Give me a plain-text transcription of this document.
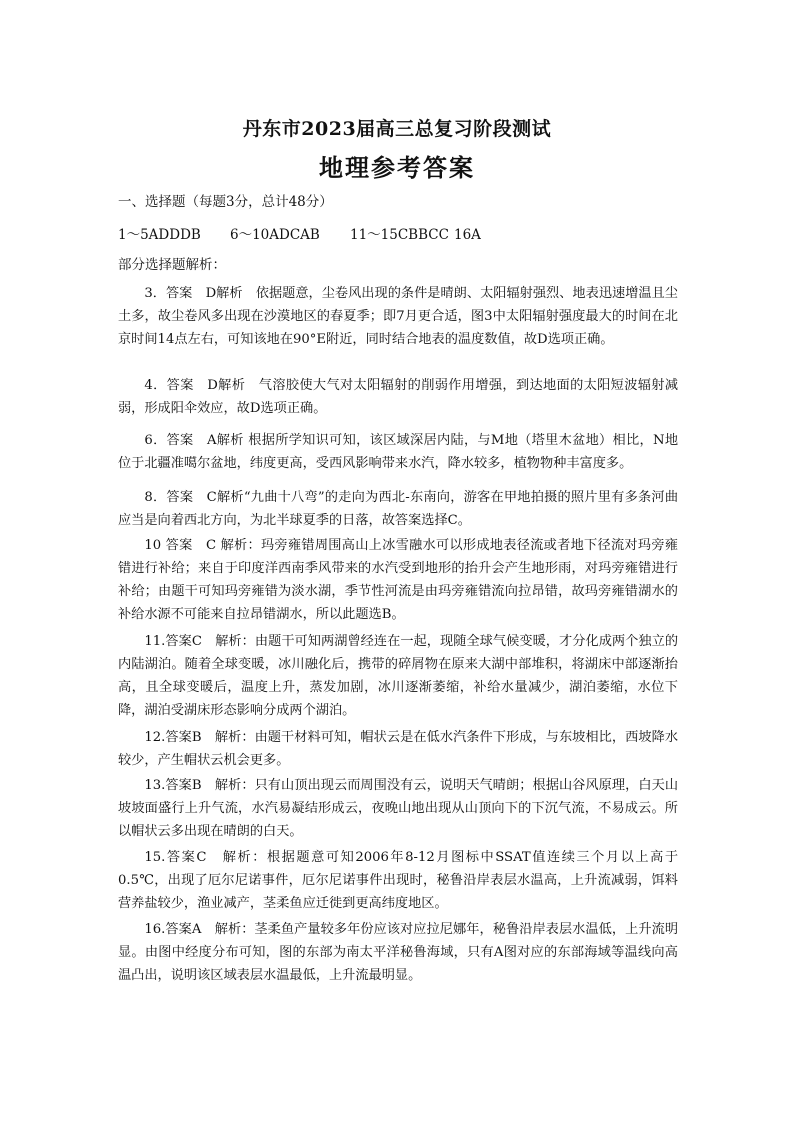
丹东市2023届高三总复习阶段测试
地理参考答案
一、选择题（每题3分，总计48分）
1～5ADDDB 6～10ADCAB 11～15CBBCC 16A
部分选择题解析：
3．答案　D解析　依据题意，尘卷风出现的条件是晴朗、太阳辐射强烈、地表迅速增温且尘土多，故尘卷风多出现在沙漠地区的春夏季；即7月更合适，图3中太阳辐射强度最大的时间在北京时间14点左右，可知该地在90°E附近，同时结合地表的温度数值，故D选项正确。
4．答案　D解析　气溶胶使大气对太阳辐射的削弱作用增强，到达地面的太阳短波辐射减弱，形成阳伞效应，故D选项正确。
6．答案　A解析 根据所学知识可知，该区域深居内陆，与M地（塔里木盆地）相比，N地位于北疆准噶尔盆地，纬度更高，受西风影响带来水汽，降水较多，植物物种丰富度多。
8．答案　C解析“九曲十八弯”的走向为西北-东南向，游客在甲地拍摄的照片里有多条河曲应当是向着西北方向，为北半球夏季的日落，故答案选择C。
10 答案　C 解析：玛旁雍错周围高山上冰雪融水可以形成地表径流或者地下径流对玛旁雍错进行补给；来自于印度洋西南季风带来的水汽受到地形的抬升会产生地形雨，对玛旁雍错进行补给；由题干可知玛旁雍错为淡水湖，季节性河流是由玛旁雍错流向拉昂错，故玛旁雍错湖水的补给水源不可能来自拉昂错湖水，所以此题选B。
11.答案C　解析：由题干可知两湖曾经连在一起，现随全球气候变暖，才分化成两个独立的内陆湖泊。随着全球变暖，冰川融化后，携带的碎屑物在原来大湖中部堆积，将湖床中部逐渐抬高，且全球变暖后，温度上升，蒸发加剧，冰川逐渐萎缩，补给水量减少，湖泊萎缩，水位下降，湖泊受湖床形态影响分成两个湖泊。
12.答案B　解析：由题干材料可知，帽状云是在低水汽条件下形成，与东坡相比，西坡降水较少，产生帽状云机会更多。
13.答案B　解析：只有山顶出现云而周围没有云，说明天气晴朗；根据山谷风原理，白天山坡坡面盛行上升气流，水汽易凝结形成云，夜晚山地出现从山顶向下的下沉气流，不易成云。所以帽状云多出现在晴朗的白天。
15.答案C　解析：根据题意可知2006年8-12月图标中SSAT值连续三个月以上高于0.5℃，出现了厄尔尼诺事件，厄尔尼诺事件出现时，秘鲁沿岸表层水温高，上升流减弱，饵料营养盐较少，渔业减产，茎柔鱼应迁徙到更高纬度地区。
16.答案A　解析：茎柔鱼产量较多年份应该对应拉尼娜年，秘鲁沿岸表层水温低，上升流明显。由图中经度分布可知，图的东部为南太平洋秘鲁海域，只有A图对应的东部海域等温线向高温凸出，说明该区域表层水温最低，上升流最明显。
